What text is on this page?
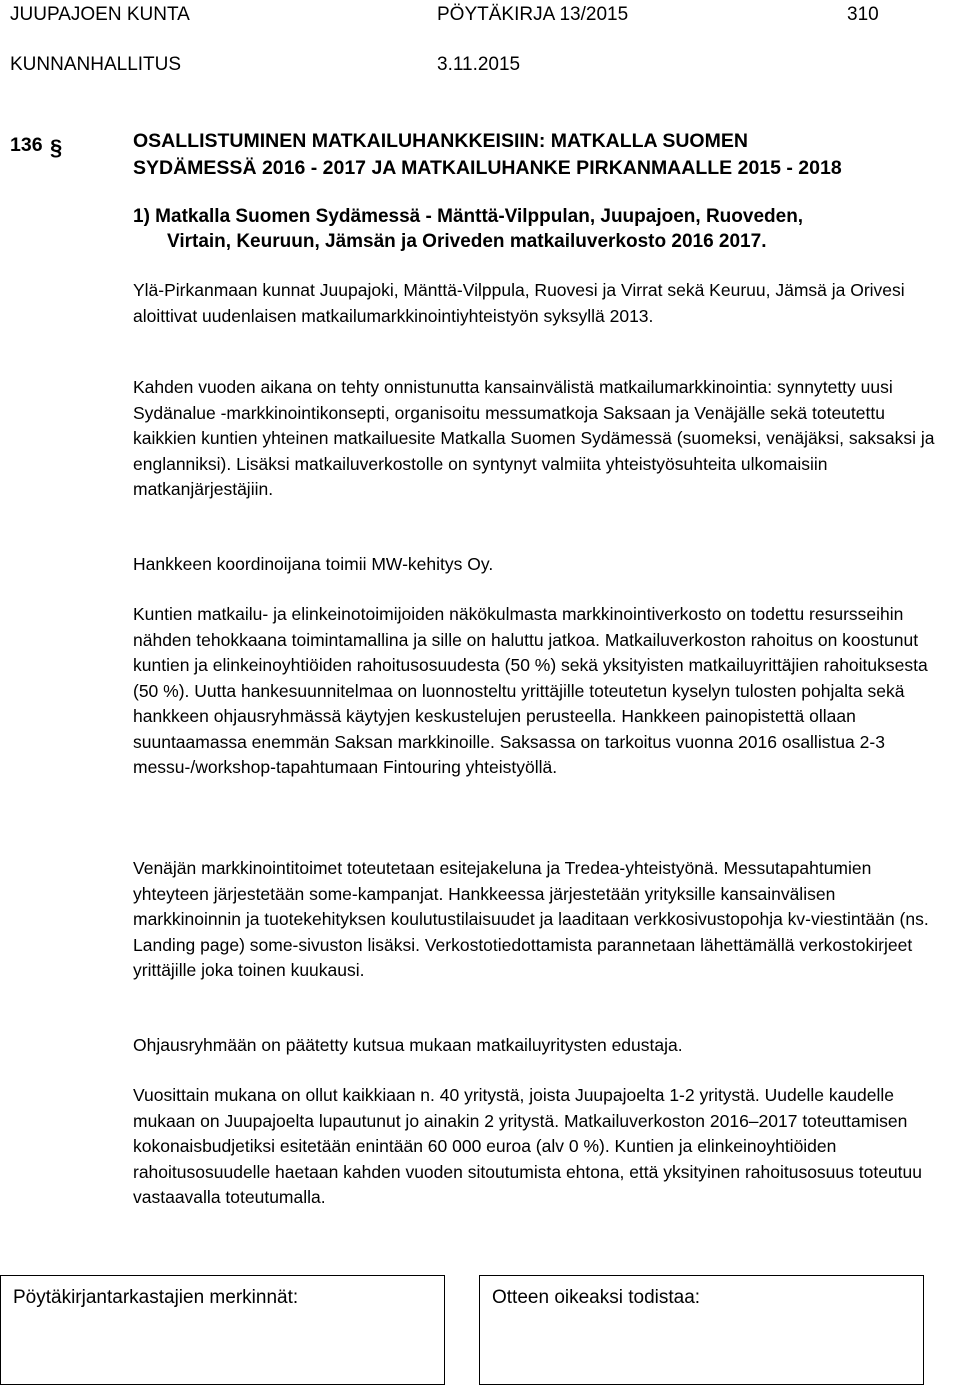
JUUPAJOEN KUNTA	PÖYTÄKIRJA 13/2015	310
KUNNANHALLITUS	3.11.2015
136 §	OSALLISTUMINEN MATKAILUHANKKEISIIN: MATKALLA SUOMEN
SYDÄMESSÄ 2016 - 2017 JA MATKAILUHANKE PIRKANMAALLE 2015 - 2018
1) Matkalla Suomen Sydämessä - Mänttä-Vilppulan, Juupajoen, Ruoveden,
Virtain, Keuruun, Jämsän ja Oriveden matkailuverkosto 2016 2017.

Ylä-Pirkanmaan kunnat Juupajoki, Mänttä-Vilppula, Ruovesi ja Virrat sekä Keuruu, Jämsä ja Orivesi aloittivat uudenlaisen matkailumarkkinointiyhteistyön syksyllä 2013.

Kahden vuoden aikana on tehty onnistunutta kansainvälistä matkailumarkkinointia: synnytetty uusi Sydänalue -markkinointikonsepti, organisoitu messumatkoja Saksaan ja Venäjälle sekä toteutettu kaikkien kuntien yhteinen matkailuesite Matkalla Suomen Sydämessä (suomeksi, venäjäksi, saksaksi ja englanniksi). Lisäksi matkailuverkostolle on syntynyt valmiita yhteistyösuhteita ulkomaisiin matkanjärjestäjiin.

Hankkeen koordinoijana toimii MW-kehitys Oy.

Kuntien matkailu- ja elinkeinotoimijoiden näkökulmasta markkinointiverkosto on todettu resursseihin nähden tehokkaana toimintamallina ja sille on haluttu jatkoa. Matkailuverkoston rahoitus on koostunut kuntien ja elinkeinoyhtiöiden rahoitusosuudesta (50 %) sekä yksityisten matkailuyrittäjien rahoituksesta (50 %). Uutta hankesuunnitelmaa on luonnosteltu yrittäjille toteutetun kyselyn tulosten pohjalta sekä hankkeen ohjausryhmässä käytyjen keskustelujen perusteella. Hankkeen painopistettä ollaan suuntaamassa enemmän Saksan markkinoille. Saksassa on tarkoitus vuonna 2016 osallistua 2-3 messu-/workshop-tapahtumaan Fintouring yhteistyöllä.

Venäjän markkinointitoimet toteutetaan esitejakeluna ja Tredea-yhteistyönä. Messutapahtumien yhteyteen järjestetään some-kampanjat. Hankkeessa järjestetään yrityksille kansainvälisen markkinoinnin ja tuotekehityksen koulutustilaisuudet ja laaditaan verkkosivustopohja kv-viestintään (ns. Landing page) some-sivuston lisäksi. Verkostotiedottamista parannetaan lähettämällä verkostokirjeet yrittäjille joka toinen kuukausi.

Ohjausryhmään on päätetty kutsua mukaan matkailuyritysten edustaja.

Vuosittain mukana on ollut kaikkiaan n. 40 yritystä, joista Juupajoelta 1-2 yritystä. Uudelle kaudelle mukaan on Juupajoelta lupautunut jo ainakin 2 yritystä. Matkailuverkoston 2016–2017 toteuttamisen kokonaisbudjetiksi esitetään enintään 60 000 euroa (alv 0 %). Kuntien ja elinkeinoyhtiöiden rahoitusosuudelle haetaan kahden vuoden sitoutumista ehtona, että yksityinen rahoitusosuus toteutuu vastaavalla toteutumalla.

Pöytäkirjantarkastajien merkinnät:	Otteen oikeaksi todistaa:
